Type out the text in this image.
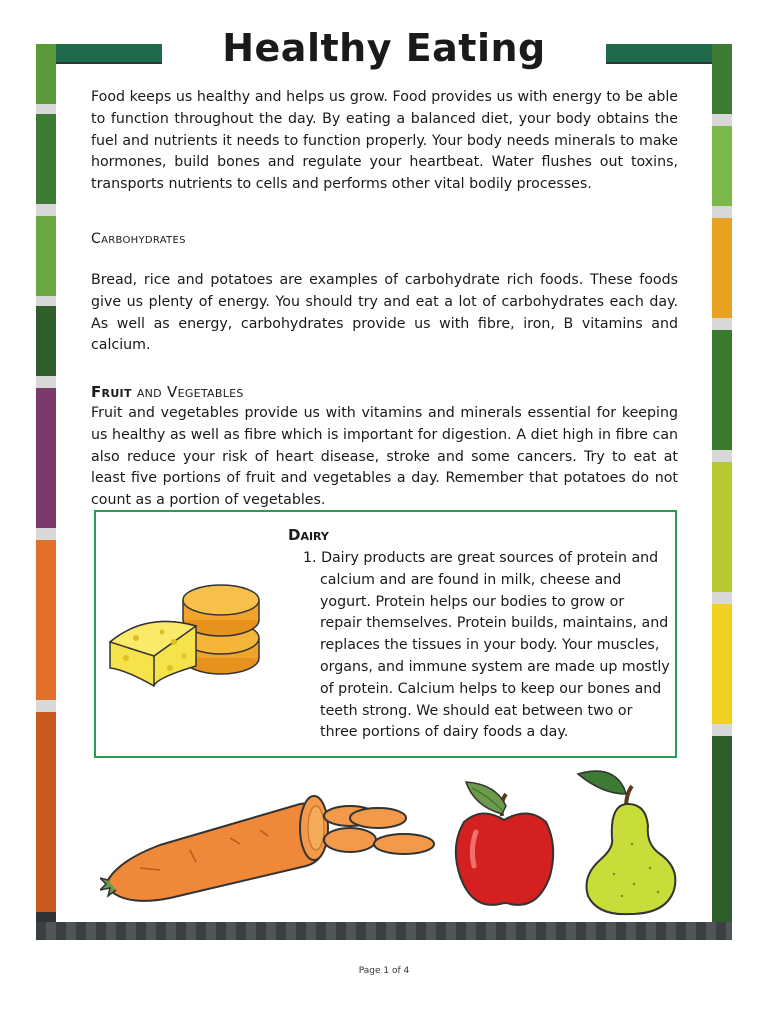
Healthy Eating

Food keeps us healthy and helps us grow. Food provides us with energy to be able to function throughout the day. By eating a balanced diet, your body obtains the fuel and nutrients it needs to function properly. Your body needs minerals to make hormones, build bones and regulate your heartbeat. Water flushes out toxins, transports nutrients to cells and performs other vital bodily processes.

Carbohydrates

Bread, rice and potatoes are examples of carbohydrate rich foods. These foods give us plenty of energy. You should try and eat a lot of carbohydrates each day. As well as energy, carbohydrates provide us with fibre, iron, B vitamins and calcium.

Fruit and Vegetables

Fruit and vegetables provide us with vitamins and minerals essential for keeping us healthy as well as fibre which is important for digestion. A diet high in fibre can also reduce your risk of heart disease, stroke and some cancers. Try to eat at least five portions of fruit and vegetables a day. Remember that potatoes do not count as a portion of vegetables.

Dairy
1. Dairy products are great sources of protein and calcium and are found in milk, cheese and yogurt. Protein helps our bodies to grow or repair themselves. Protein builds, maintains, and replaces the tissues in your body. Your muscles, organs, and immune system are made up mostly of protein. Calcium helps to keep our bones and teeth strong. We should eat between two or three portions of dairy foods a day.
Page 1 of 4
